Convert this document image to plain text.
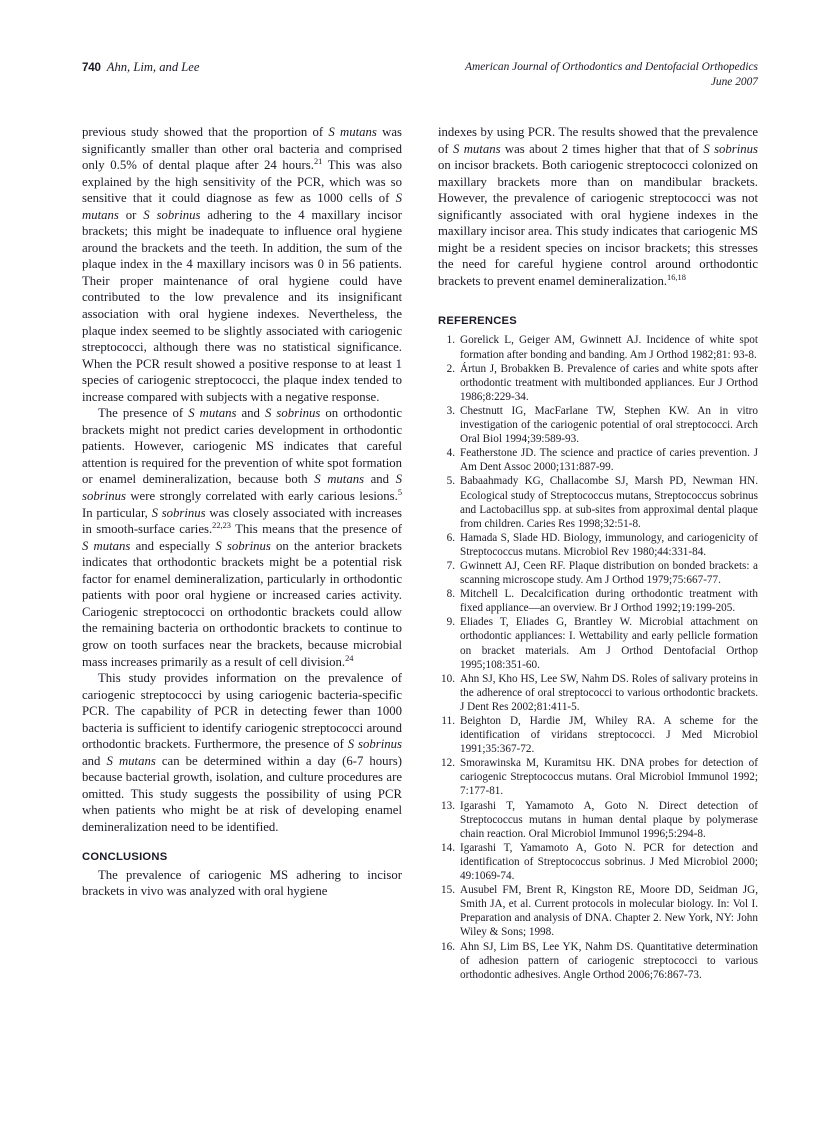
740 Ahn, Lim, and Lee	American Journal of Orthodontics and Dentofacial Orthopedics
June 2007

previous study showed that the proportion of S mutans was significantly smaller than other oral bacteria and comprised only 0.5% of dental plaque after 24 hours.$^{21}$ This was also explained by the high sensitivity of the PCR, which was so sensitive that it could diagnose as few as 1000 cells of S mutans or S sobrinus adhering to the 4 maxillary incisor brackets; this might be inadequate to influence oral hygiene around the brackets and the teeth. In addition, the sum of the plaque index in the 4 maxillary incisors was 0 in 56 patients. Their proper maintenance of oral hygiene could have contributed to the low prevalence and its insignificant association with oral hygiene indexes. Nevertheless, the plaque index seemed to be slightly associated with cariogenic streptococci, although there was no statistical significance. When the PCR result showed a positive response to at least 1 species of cariogenic streptococci, the plaque index tended to increase compared with subjects with a negative response.

The presence of S mutans and S sobrinus on orthodontic brackets might not predict caries development in orthodontic patients. However, cariogenic MS indicates that careful attention is required for the prevention of white spot formation or enamel demineralization, because both S mutans and S sobrinus were strongly correlated with early carious lesions.$^5$ In particular, S sobrinus was closely associated with increases in smooth-surface caries.$^{22,23}$ This means that the presence of S mutans and especially S sobrinus on the anterior brackets indicates that orthodontic brackets might be a potential risk factor for enamel demineralization, particularly in orthodontic patients with poor oral hygiene or increased caries activity. Cariogenic streptococci on orthodontic brackets could allow the remaining bacteria on orthodontic brackets to continue to grow on tooth surfaces near the brackets, because microbial mass increases primarily as a result of cell division.$^{24}$

This study provides information on the prevalence of cariogenic streptococci by using cariogenic bacteria-specific PCR. The capability of PCR in detecting fewer than 1000 bacteria is sufficient to identify cariogenic streptococci around orthodontic brackets. Furthermore, the presence of S sobrinus and S mutans can be determined within a day (6-7 hours) because bacterial growth, isolation, and culture procedures are omitted. This study suggests the possibility of using PCR when patients who might be at risk of developing enamel demineralization need to be identified.

CONCLUSIONS

The prevalence of cariogenic MS adhering to incisor brackets in vivo was analyzed with oral hygiene

indexes by using PCR. The results showed that the prevalence of S mutans was about 2 times higher that that of S sobrinus on incisor brackets. Both cariogenic streptococci colonized on maxillary brackets more than on mandibular brackets. However, the prevalence of cariogenic streptococci was not significantly associated with oral hygiene indexes in the maxillary incisor area. This study indicates that cariogenic MS might be a resident species on incisor brackets; this stresses the need for careful hygiene control around orthodontic brackets to prevent enamel demineralization.$^{16,18}$

REFERENCES
1. Gorelick L, Geiger AM, Gwinnett AJ. Incidence of white spot formation after bonding and banding. Am J Orthod 1982;81: 93-8.
2. Ártun J, Brobakken B. Prevalence of caries and white spots after orthodontic treatment with multibonded appliances. Eur J Orthod 1986;8:229-34.
3. Chestnutt IG, MacFarlane TW, Stephen KW. An in vitro investigation of the cariogenic potential of oral streptococci. Arch Oral Biol 1994;39:589-93.
4. Featherstone JD. The science and practice of caries prevention. J Am Dent Assoc 2000;131:887-99.
5. Babaahmady KG, Challacombe SJ, Marsh PD, Newman HN. Ecological study of Streptococcus mutans, Streptococcus sobrinus and Lactobacillus spp. at sub-sites from approximal dental plaque from children. Caries Res 1998;32:51-8.
6. Hamada S, Slade HD. Biology, immunology, and cariogenicity of Streptococcus mutans. Microbiol Rev 1980;44:331-84.
7. Gwinnett AJ, Ceen RF. Plaque distribution on bonded brackets: a scanning microscope study. Am J Orthod 1979;75:667-77.
8. Mitchell L. Decalcification during orthodontic treatment with fixed appliance—an overview. Br J Orthod 1992;19:199-205.
9. Eliades T, Eliades G, Brantley W. Microbial attachment on orthodontic appliances: I. Wettability and early pellicle formation on bracket materials. Am J Orthod Dentofacial Orthop 1995;108:351-60.
10. Ahn SJ, Kho HS, Lee SW, Nahm DS. Roles of salivary proteins in the adherence of oral streptococci to various orthodontic brackets. J Dent Res 2002;81:411-5.
11. Beighton D, Hardie JM, Whiley RA. A scheme for the identification of viridans streptococci. J Med Microbiol 1991;35:367-72.
12. Smorawinska M, Kuramitsu HK. DNA probes for detection of cariogenic Streptococcus mutans. Oral Microbiol Immunol 1992; 7:177-81.
13. Igarashi T, Yamamoto A, Goto N. Direct detection of Streptococcus mutans in human dental plaque by polymerase chain reaction. Oral Microbiol Immunol 1996;5:294-8.
14. Igarashi T, Yamamoto A, Goto N. PCR for detection and identification of Streptococcus sobrinus. J Med Microbiol 2000; 49:1069-74.
15. Ausubel FM, Brent R, Kingston RE, Moore DD, Seidman JG, Smith JA, et al. Current protocols in molecular biology. In: Vol I. Preparation and analysis of DNA. Chapter 2. New York, NY: John Wiley & Sons; 1998.
16. Ahn SJ, Lim BS, Lee YK, Nahm DS. Quantitative determination of adhesion pattern of cariogenic streptococci to various orthodontic adhesives. Angle Orthod 2006;76:867-73.
